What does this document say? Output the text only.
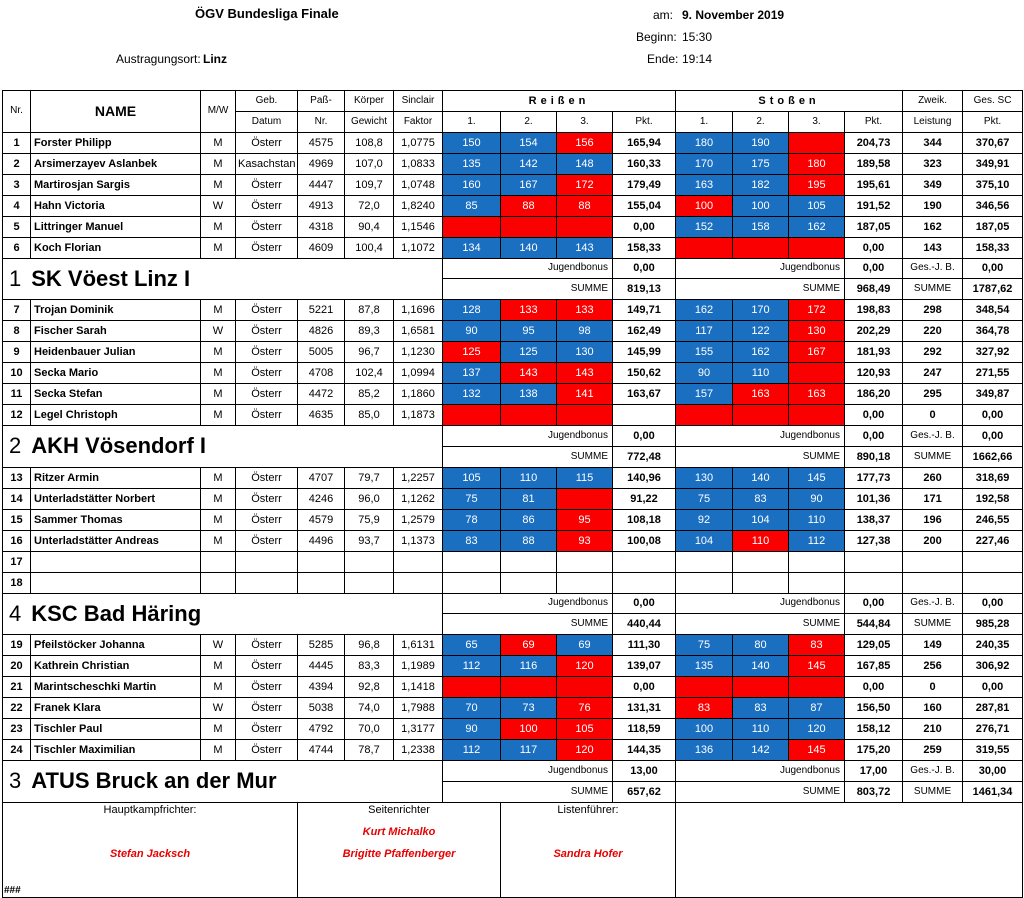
ÖGV Bundesliga Finale
Austragungsort: Linz
am: 9. November 2019
Beginn: 15:30
Ende: 19:14
Nr.	NAME	M/W	Geb.	Paß-	Körper	Sinclair	Reißen				Stoßen				Zweik.	Ges. SC
			Datum	Nr.	Gewicht	Faktor	1.	2.	3.	Pkt.	1.	2.	3.	Pkt.	Leistung	Pkt.
1	Forster Philipp	M	Österr	4575	108,8	1,0775	150	154	156	165,94	180	190		204,73	344	370,67
2	Arsimerzayev Aslanbek	M	Kasachstan	4969	107,0	1,0833	135	142	148	160,33	170	175	180	189,58	323	349,91
3	Martirosjan Sargis	M	Österr	4447	109,7	1,0748	160	167	172	179,49	163	182	195	195,61	349	375,10
4	Hahn Victoria	W	Österr	4913	72,0	1,8240	85	88	88	155,04	100	100	105	191,52	190	346,56
5	Littringer Manuel	M	Österr	4318	90,4	1,1546				0,00	152	158	162	187,05	162	187,05
6	Koch Florian	M	Österr	4609	100,4	1,1072	134	140	143	158,33				0,00	143	158,33
1 SK Vöest Linz I							Jugendbonus			0,00	Jugendbonus			0,00	Ges.-J. B.	0,00
							SUMME			819,13	SUMME			968,49	SUMME	1787,62
7	Trojan Dominik	M	Österr	5221	87,8	1,1696	128	133	133	149,71	162	170	172	198,83	298	348,54
8	Fischer Sarah	W	Österr	4826	89,3	1,6581	90	95	98	162,49	117	122	130	202,29	220	364,78
9	Heidenbauer Julian	M	Österr	5005	96,7	1,1230	125	125	130	145,99	155	162	167	181,93	292	327,92
10	Secka Mario	M	Österr	4708	102,4	1,0994	137	143	143	150,62	90	110		120,93	247	271,55
11	Secka Stefan	M	Österr	4472	85,2	1,1860	132	138	141	163,67	157	163	163	186,20	295	349,87
12	Legel Christoph	M	Österr	4635	85,0	1,1873								0,00	0	0,00
2 AKH Vösendorf I							Jugendbonus			0,00	Jugendbonus			0,00	Ges.-J. B.	0,00
							SUMME			772,48	SUMME			890,18	SUMME	1662,66
13	Ritzer Armin	M	Österr	4707	79,7	1,2257	105	110	115	140,96	130	140	145	177,73	260	318,69
14	Unterladstätter Norbert	M	Österr	4246	96,0	1,1262	75	81		91,22	75	83	90	101,36	171	192,58
15	Sammer Thomas	M	Österr	4579	75,9	1,2579	78	86	95	108,18	92	104	110	138,37	196	246,55
16	Unterladstätter Andreas	M	Österr	4496	93,7	1,1373	83	88	93	100,08	104	110	112	127,38	200	227,46
17																
18																
4 KSC Bad Häring							Jugendbonus			0,00	Jugendbonus			0,00	Ges.-J. B.	0,00
							SUMME			440,44	SUMME			544,84	SUMME	985,28
19	Pfeilstöcker Johanna	W	Österr	5285	96,8	1,6131	65	69	69	111,30	75	80	83	129,05	149	240,35
20	Kathrein Christian	M	Österr	4445	83,3	1,1989	112	116	120	139,07	135	140	145	167,85	256	306,92
21	Marintscheschki Martin	M	Österr	4394	92,8	1,1418				0,00				0,00	0	0,00
22	Franek Klara	W	Österr	5038	74,0	1,7988	70	73	76	131,31	83	83	87	156,50	160	287,81
23	Tischler Paul	M	Österr	4792	70,0	1,3177	90	100	105	118,59	100	110	120	158,12	210	276,71
24	Tischler Maximilian	M	Österr	4744	78,7	1,2338	112	117	120	144,35	136	142	145	175,20	259	319,55
3 ATUS Bruck an der Mur							Jugendbonus			13,00	Jugendbonus			17,00	Ges.-J. B.	30,00
							SUMME			657,62	SUMME			803,72	SUMME	1461,34
Hauptkampfrichter:
Stefan Jacksch				Seitenrichter
Kurt Michalko
Brigitte Pfaffenberger				Listenführer:
Sandra Hofer								

###
